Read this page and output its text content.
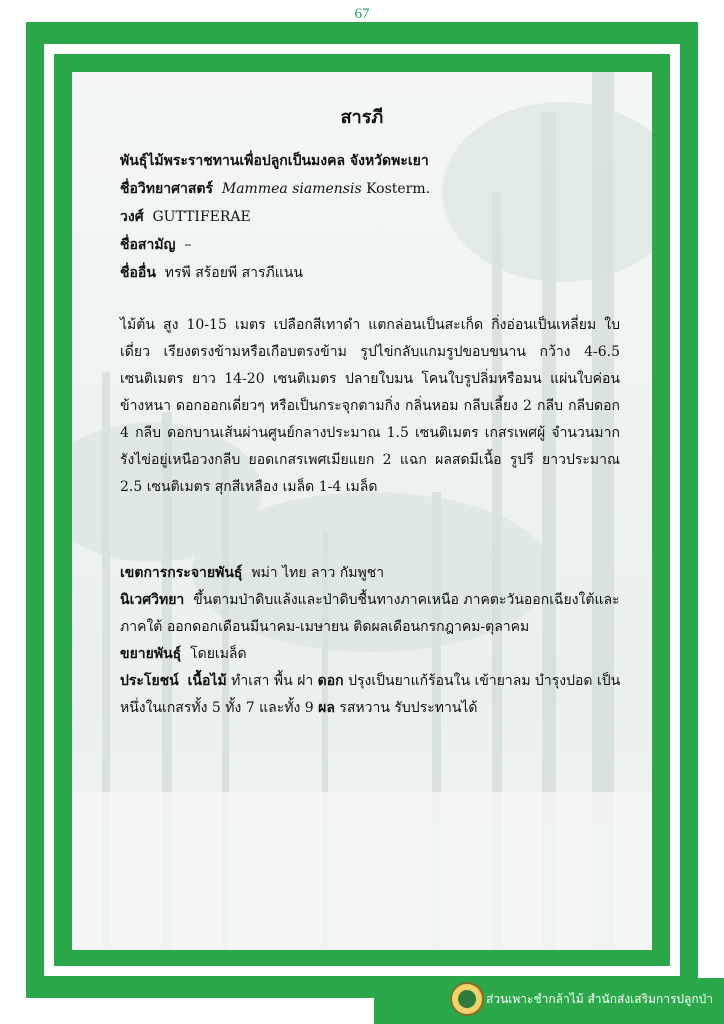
67
สารภี
พันธุ์ไม้พระราชทานเพื่อปลูกเป็นมงคล จังหวัดพะเยา
ชื่อวิทยาศาสตร์ Mammea siamensis Kosterm.
วงศ์ GUTTIFERAE
ชื่อสามัญ –
ชื่ออื่น ทรพี สร้อยพี สารภีแนน

ไม้ต้น สูง 10-15 เมตร เปลือกสีเทาดำ แตกล่อนเป็นสะเก็ด กิ่งอ่อนเป็นเหลี่ยม ใบเดี่ยว เรียงตรงข้ามหรือเกือบตรงข้าม รูปไข่กลับแกมรูปขอบขนาน กว้าง 4-6.5 เซนติเมตร ยาว 14-20 เซนติเมตร ปลายใบมน โคนใบรูปลิ่มหรือมน แผ่นใบค่อนข้างหนา ดอกออกเดี่ยวๆ หรือเป็นกระจุกตามกิ่ง กลิ่นหอม กลีบเลี้ยง 2 กลีบ กลีบดอก 4 กลีบ ดอกบานเส้นผ่านศูนย์กลางประมาณ 1.5 เซนติเมตร เกสรเพศผู้ จำนวนมาก รังไข่อยู่เหนือวงกลีบ ยอดเกสรเพศเมียแยก 2 แฉก ผลสดมีเนื้อ รูปรี ยาวประมาณ 2.5 เซนติเมตร สุกสีเหลือง เมล็ด 1-4 เมล็ด

เขตการกระจายพันธุ์ พม่า ไทย ลาว กัมพูชา

นิเวศวิทยา ขึ้นตามป่าดิบแล้งและป่าดิบชื้นทางภาคเหนือ ภาคตะวันออกเฉียงใต้และภาคใต้ ออกดอกเดือนมีนาคม-เมษายน ติดผลเดือนกรกฎาคม-ตุลาคม

ขยายพันธุ์ โดยเมล็ด

ประโยชน์ เนื้อไม้ ทำเสา พื้น ฝา ดอก ปรุงเป็นยาแก้ร้อนใน เข้ายาลม บำรุงปอด เป็นหนึ่งในเกสรทั้ง 5 ทั้ง 7 และทั้ง 9 ผล รสหวาน รับประทานได้

ส่วนเพาะชำกล้าไม้ สำนักส่งเสริมการปลูกป่า
